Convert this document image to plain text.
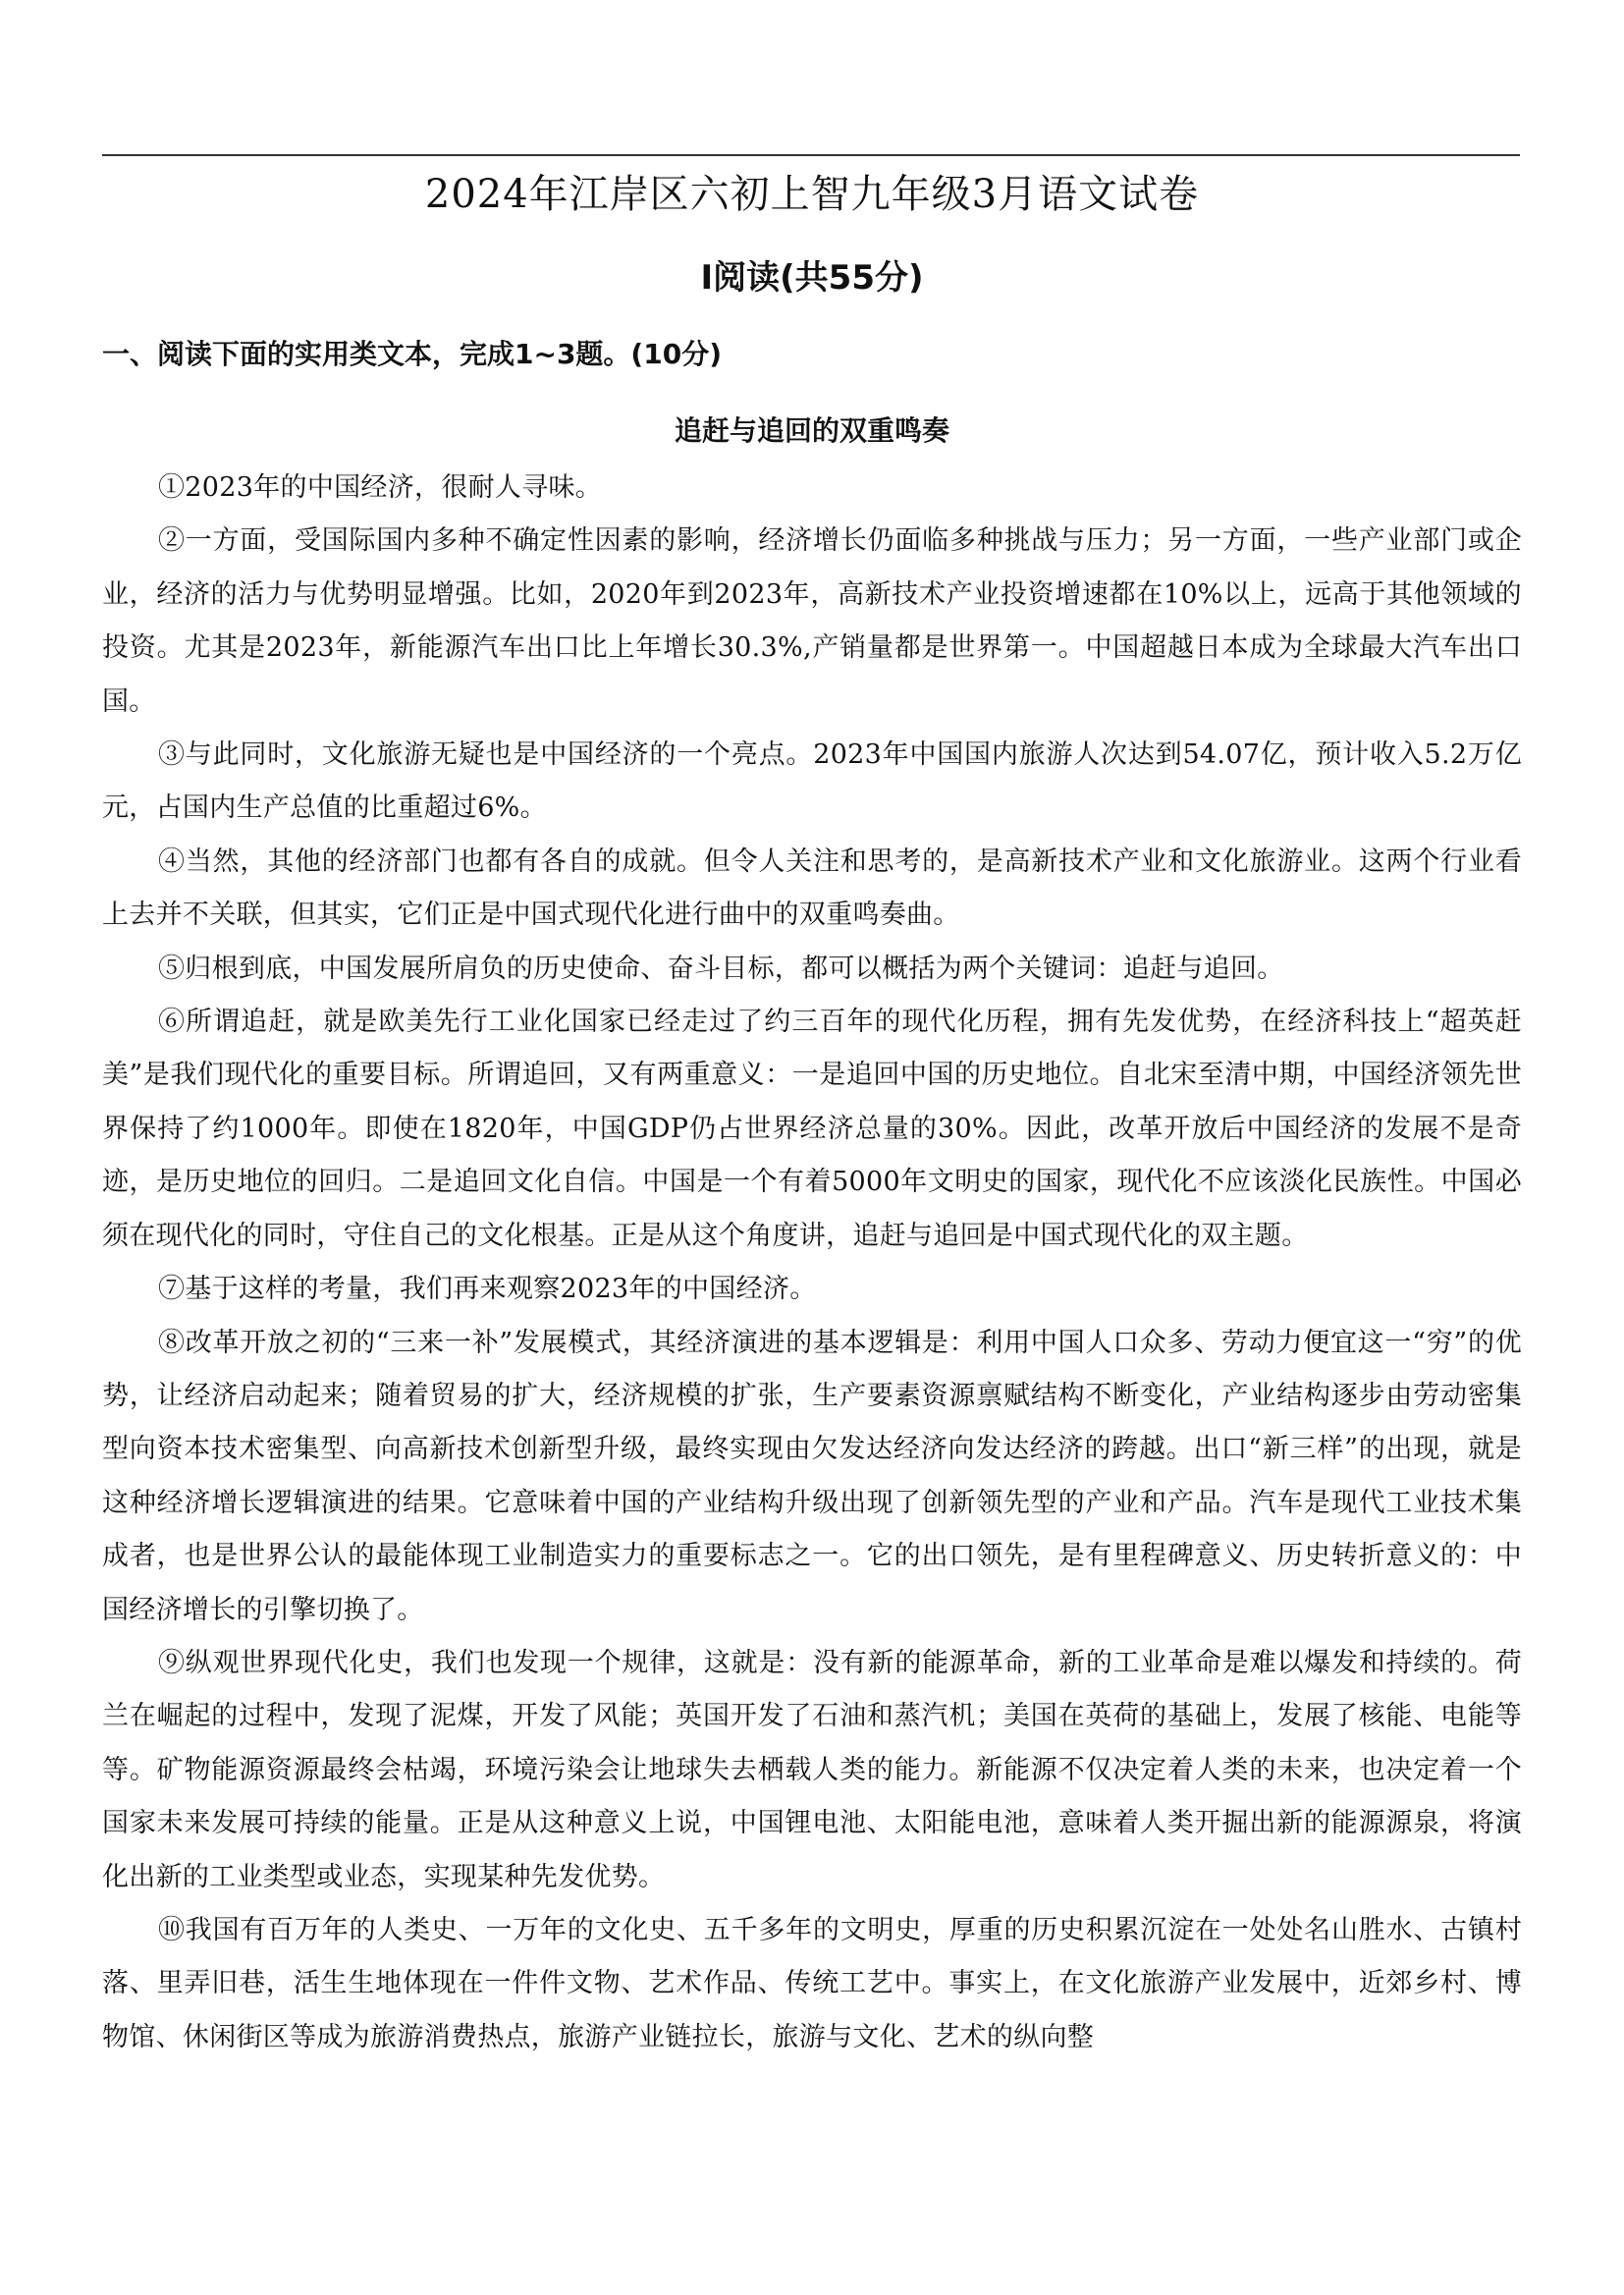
2024年江岸区六初上智九年级3月语文试卷
Ⅰ阅读(共55分)
一、阅读下面的实用类文本，完成1~3题。(10分)
追赶与追回的双重鸣奏

①2023年的中国经济，很耐人寻味。

②一方面，受国际国内多种不确定性因素的影响，经济增长仍面临多种挑战与压力；另一方面，一些产业部门或企业，经济的活力与优势明显增强。比如，2020年到2023年，高新技术产业投资增速都在10%以上，远高于其他领域的投资。尤其是2023年，新能源汽车出口比上年增长30.3%,产销量都是世界第一。中国超越日本成为全球最大汽车出口国。

③与此同时，文化旅游无疑也是中国经济的一个亮点。2023年中国国内旅游人次达到54.07亿，预计收入5.2万亿元，占国内生产总值的比重超过6%。

④当然，其他的经济部门也都有各自的成就。但令人关注和思考的，是高新技术产业和文化旅游业。这两个行业看上去并不关联，但其实，它们正是中国式现代化进行曲中的双重鸣奏曲。

⑤归根到底，中国发展所肩负的历史使命、奋斗目标，都可以概括为两个关键词：追赶与追回。

⑥所谓追赶，就是欧美先行工业化国家已经走过了约三百年的现代化历程，拥有先发优势，在经济科技上“超英赶美”是我们现代化的重要目标。所谓追回，又有两重意义：一是追回中国的历史地位。自北宋至清中期，中国经济领先世界保持了约1000年。即使在1820年，中国GDP仍占世界经济总量的30%。因此，改革开放后中国经济的发展不是奇迹，是历史地位的回归。二是追回文化自信。中国是一个有着5000年文明史的国家，现代化不应该淡化民族性。中国必须在现代化的同时，守住自己的文化根基。正是从这个角度讲，追赶与追回是中国式现代化的双主题。

⑦基于这样的考量，我们再来观察2023年的中国经济。

⑧改革开放之初的“三来一补”发展模式，其经济演进的基本逻辑是：利用中国人口众多、劳动力便宜这一“穷”的优势，让经济启动起来；随着贸易的扩大，经济规模的扩张，生产要素资源禀赋结构不断变化，产业结构逐步由劳动密集型向资本技术密集型、向高新技术创新型升级，最终实现由欠发达经济向发达经济的跨越。出口“新三样”的出现，就是这种经济增长逻辑演进的结果。它意味着中国的产业结构升级出现了创新领先型的产业和产品。汽车是现代工业技术集成者，也是世界公认的最能体现工业制造实力的重要标志之一。它的出口领先，是有里程碑意义、历史转折意义的：中国经济增长的引擎切换了。

⑨纵观世界现代化史，我们也发现一个规律，这就是：没有新的能源革命，新的工业革命是难以爆发和持续的。荷兰在崛起的过程中，发现了泥煤，开发了风能；英国开发了石油和蒸汽机；美国在英荷的基础上，发展了核能、电能等等。矿物能源资源最终会枯竭，环境污染会让地球失去栖载人类的能力。新能源不仅决定着人类的未来，也决定着一个国家未来发展可持续的能量。正是从这种意义上说，中国锂电池、太阳能电池，意味着人类开掘出新的能源源泉，将演化出新的工业类型或业态，实现某种先发优势。

⑩我国有百万年的人类史、一万年的文化史、五千多年的文明史，厚重的历史积累沉淀在一处处名山胜水、古镇村落、里弄旧巷，活生生地体现在一件件文物、艺术作品、传统工艺中。事实上，在文化旅游产业发展中，近郊乡村、博物馆、休闲街区等成为旅游消费热点，旅游产业链拉长，旅游与文化、艺术的纵向整
